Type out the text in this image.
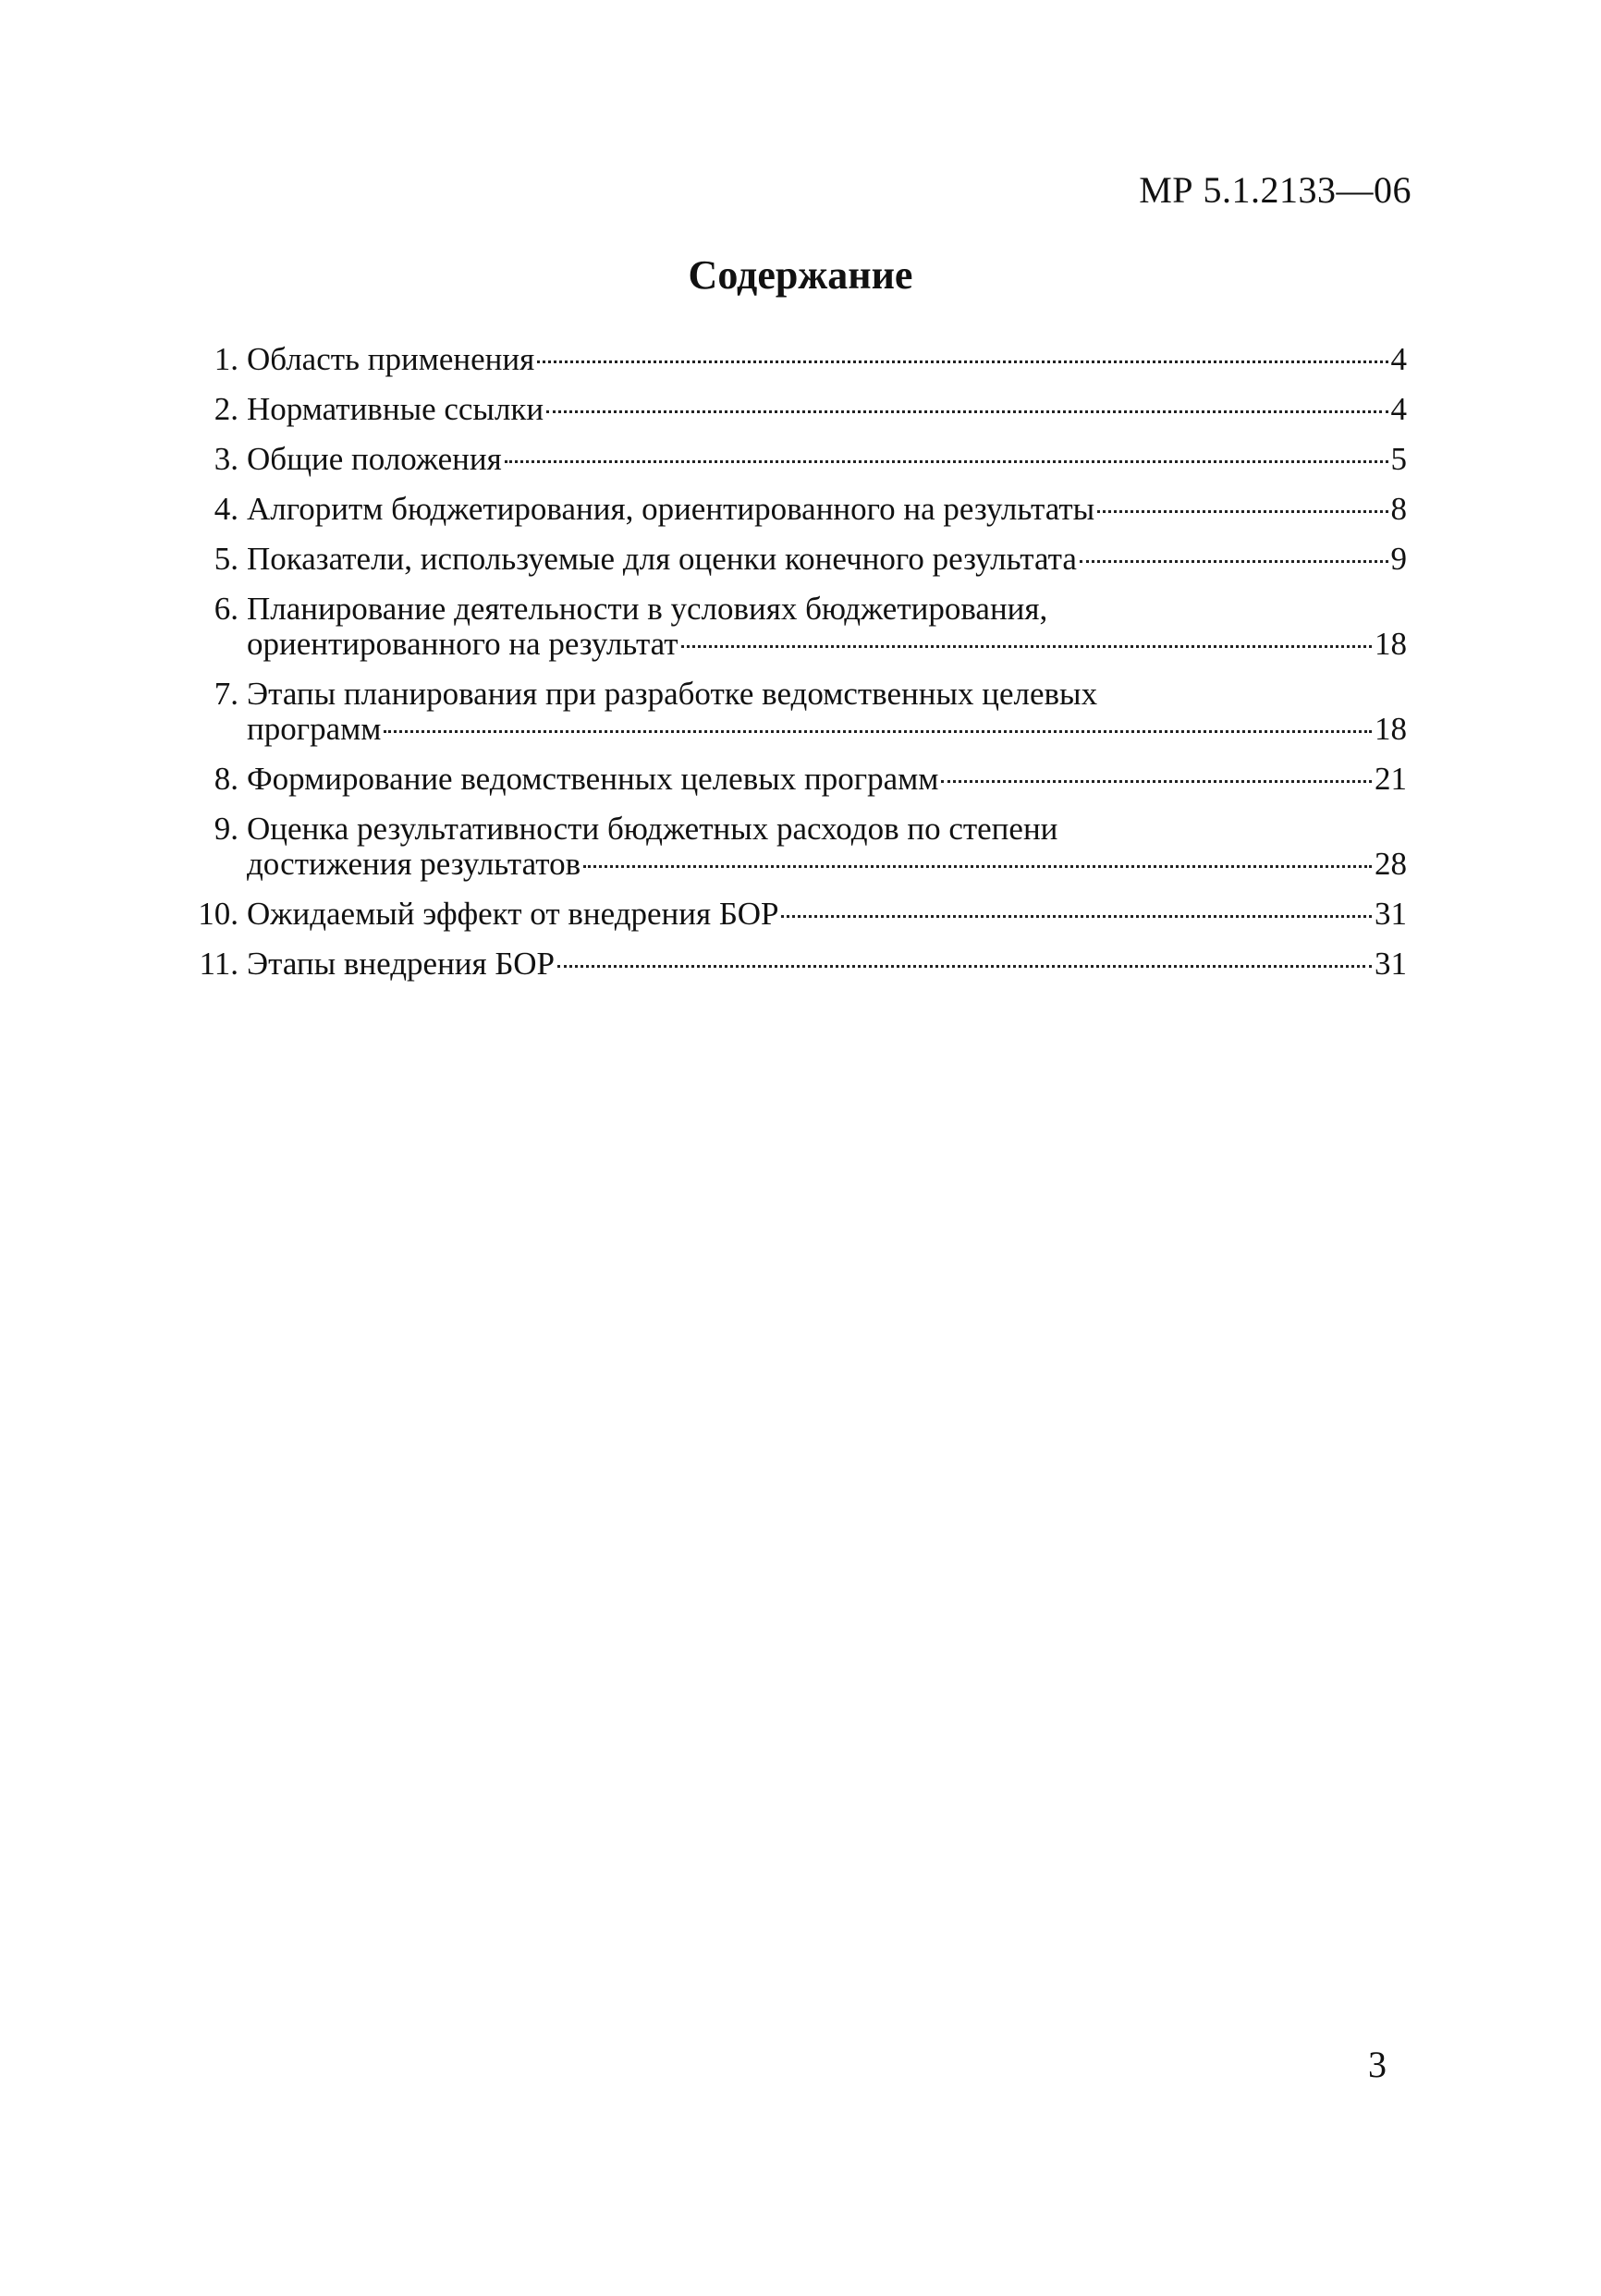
МР 5.1.2133—06
Содержание
1. Область применения	4
2. Нормативные ссылки	4
3. Общие положения	5
4. Алгоритм бюджетирования, ориентированного на результаты	8
5. Показатели, используемые для оценки конечного результата	9
6. Планирование деятельности в условиях бюджетирования,
ориентированного на результат	18
7. Этапы планирования при разработке ведомственных целевых
программ	18
8. Формирование ведомственных целевых программ	21
9. Оценка результативности бюджетных расходов по степени
достижения результатов	28
10. Ожидаемый эффект от внедрения БОР	31
11. Этапы внедрения БОР	31
3
